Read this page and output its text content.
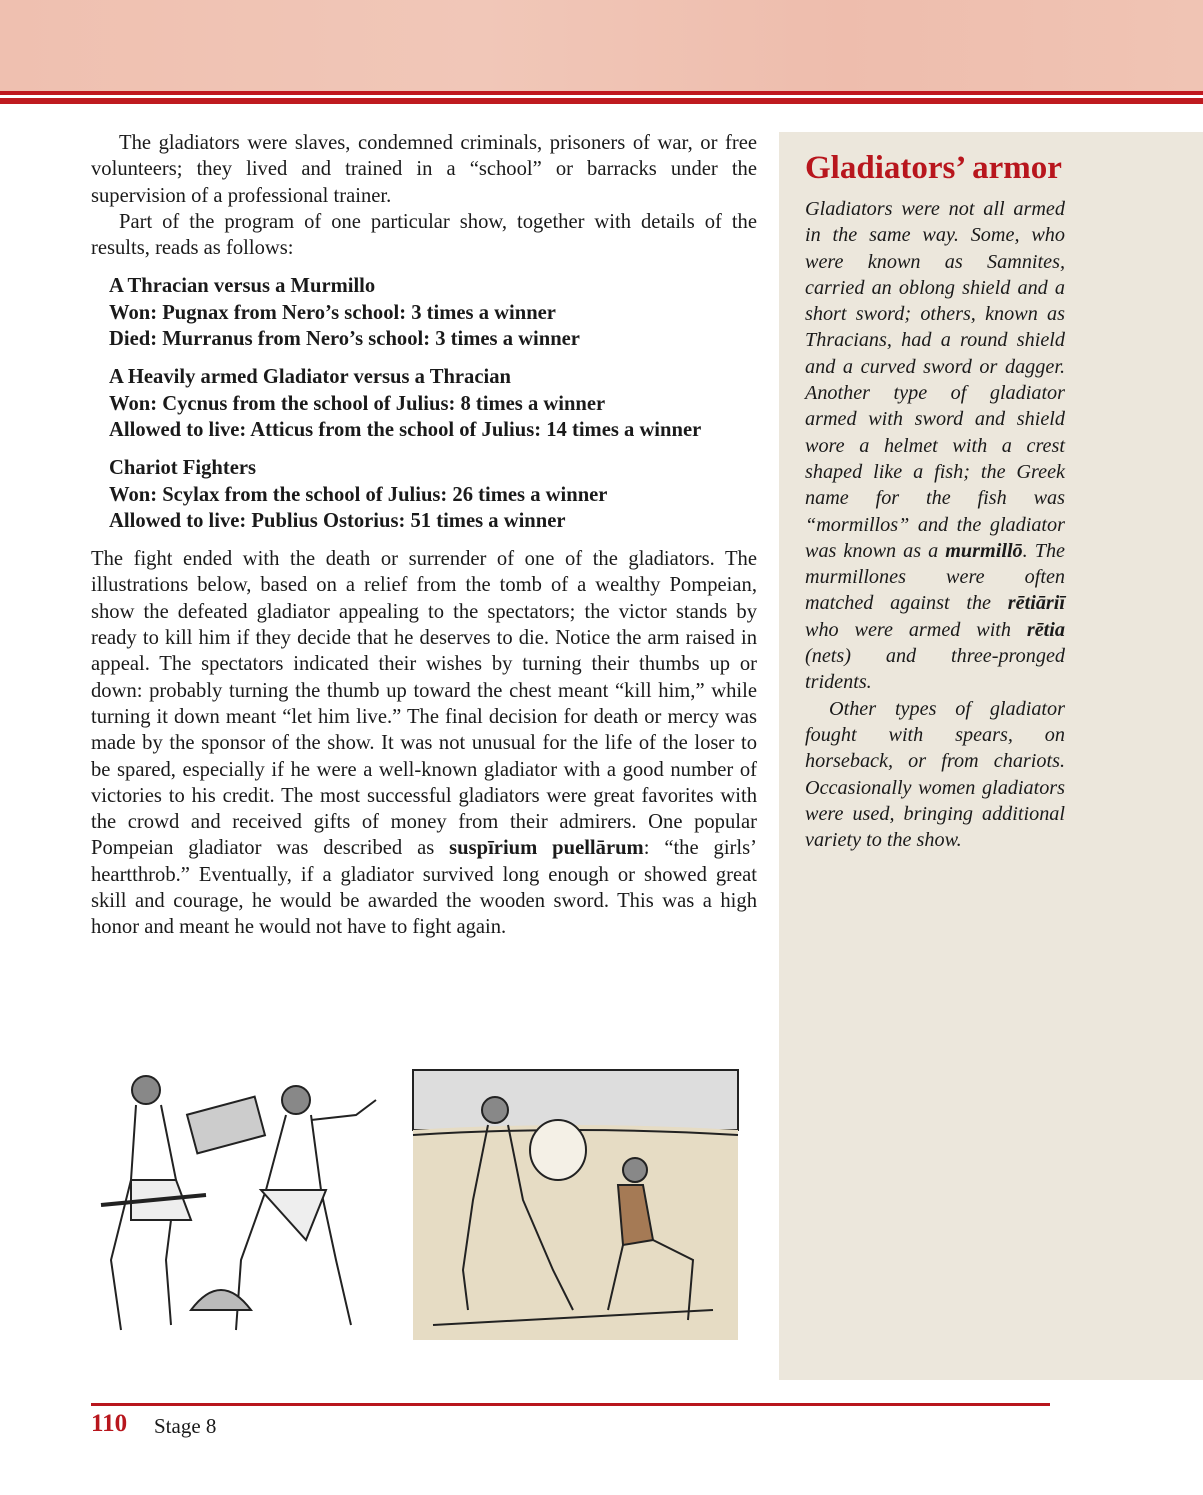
The gladiators were slaves, condemned criminals, prisoners of war, or free volunteers; they lived and trained in a “school” or barracks under the supervision of a professional trainer.

Part of the program of one particular show, together with details of the results, reads as follows:

A Thracian versus a Murmillo
Won: Pugnax from Nero’s school: 3 times a winner
Died: Murranus from Nero’s school: 3 times a winner
A Heavily armed Gladiator versus a Thracian
Won: Cycnus from the school of Julius: 8 times a winner
Allowed to live: Atticus from the school of Julius: 14 times a winner
Chariot Fighters
Won: Scylax from the school of Julius: 26 times a winner
Allowed to live: Publius Ostorius: 51 times a winner

The fight ended with the death or surrender of one of the gladiators. The illustrations below, based on a relief from the tomb of a wealthy Pompeian, show the defeated gladiator appealing to the spectators; the victor stands by ready to kill him if they decide that he deserves to die. Notice the arm raised in appeal. The spectators indicated their wishes by turning their thumbs up or down: probably turning the thumb up toward the chest meant “kill him,” while turning it down meant “let him live.” The final decision for death or mercy was made by the sponsor of the show. It was not unusual for the life of the loser to be spared, especially if he were a well-known gladiator with a good number of victories to his credit. The most successful gladiators were great favorites with the crowd and received gifts of money from their admirers. One popular Pompeian gladiator was described as suspīrium puellārum: “the girls’ heartthrob.” Eventually, if a gladiator survived long enough or showed great skill and courage, he would be awarded the wooden sword. This was a high honor and meant he would not have to fight again.

Gladiators’ armor

Gladiators were not all armed in the same way. Some, who were known as Samnites, carried an oblong shield and a short sword; others, known as Thracians, had a round shield and a curved sword or dagger. Another type of gladiator armed with sword and shield wore a helmet with a crest shaped like a fish; the Greek name for the fish was “mormillos” and the gladiator was known as a murmillō. The murmillones were often matched against the rētiāriī who were armed with rētia (nets) and three-pronged tridents.

Other types of gladiator fought with spears, on horseback, or from chariots. Occasionally women gladiators were used, bringing additional variety to the show.

110 Stage 8
